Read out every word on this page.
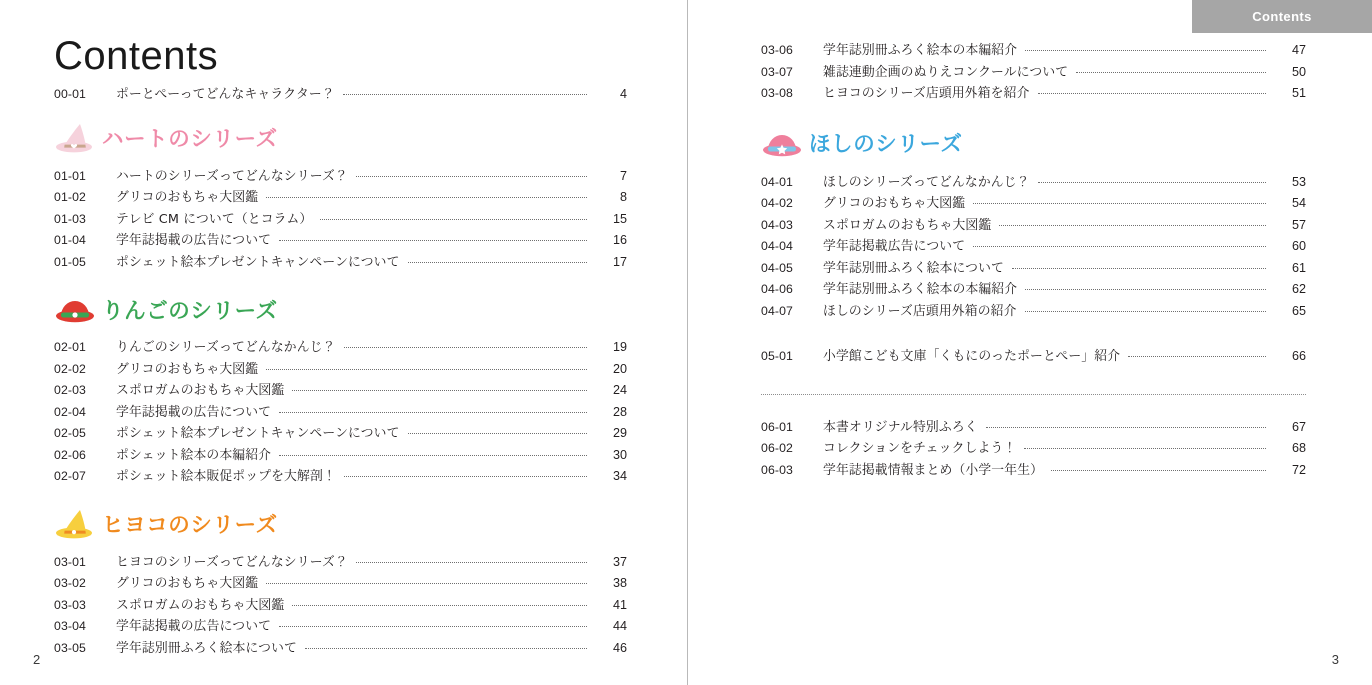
Contents
00-01	ポーとぺーってどんなキャラクター？	4
ハートのシリーズ
01-01	ハートのシリーズってどんなシリーズ？	7
01-02	グリコのおもちゃ大図鑑	8
01-03	テレビ CM について（とコラム）	15
01-04	学年誌掲載の広告について	16
01-05	ポシェット絵本プレゼントキャンペーンについて	17
りんごのシリーズ
02-01	りんごのシリーズってどんなかんじ？	19
02-02	グリコのおもちゃ大図鑑	20
02-03	スポロガムのおもちゃ大図鑑	24
02-04	学年誌掲載の広告について	28
02-05	ポシェット絵本プレゼントキャンペーンについて	29
02-06	ポシェット絵本の本編紹介	30
02-07	ポシェット絵本販促ポップを大解剖！	34
ヒヨコのシリーズ
03-01	ヒヨコのシリーズってどんなシリーズ？	37
03-02	グリコのおもちゃ大図鑑	38
03-03	スポロガムのおもちゃ大図鑑	41
03-04	学年誌掲載の広告について	44
03-05	学年誌別冊ふろく絵本について	46
2
Contents
03-06	学年誌別冊ふろく絵本の本編紹介	47
03-07	雑誌連動企画のぬりえコンクールについて	50
03-08	ヒヨコのシリーズ店頭用外箱を紹介	51
ほしのシリーズ
04-01	ほしのシリーズってどんなかんじ？	53
04-02	グリコのおもちゃ大図鑑	54
04-03	スポロガムのおもちゃ大図鑑	57
04-04	学年誌掲載広告について	60
04-05	学年誌別冊ふろく絵本について	61
04-06	学年誌別冊ふろく絵本の本編紹介	62
04-07	ほしのシリーズ店頭用外箱の紹介	65
05-01	小学館こども文庫「くもにのったポーとぺー」紹介	66
06-01	本書オリジナル特別ふろく	67
06-02	コレクションをチェックしよう！	68
06-03	学年誌掲載情報まとめ（小学一年生）	72
3
